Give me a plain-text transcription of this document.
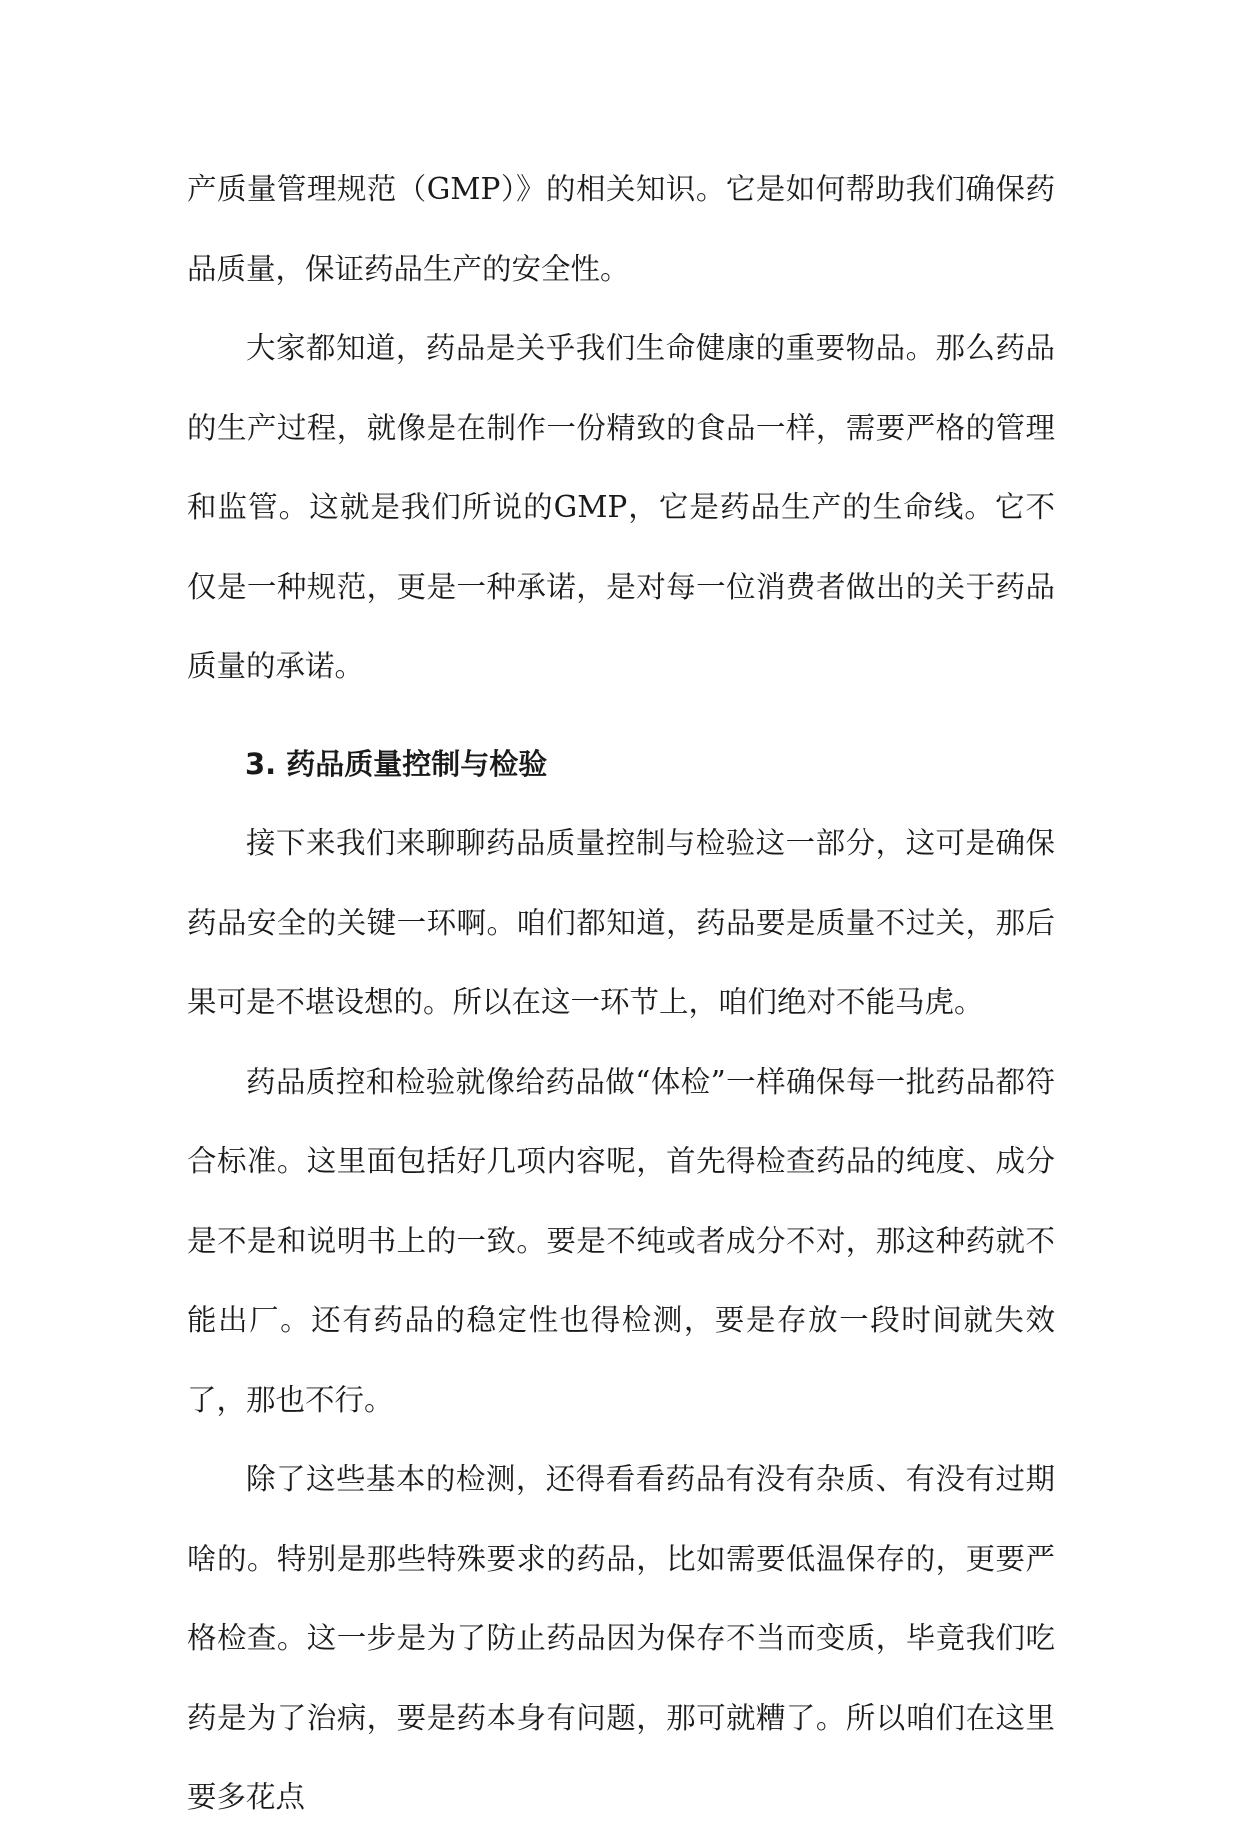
产质量管理规范（GMP）》的相关知识。它是如何帮助我们确保药品质量，保证药品生产的安全性。

大家都知道，药品是关乎我们生命健康的重要物品。那么药品的生产过程，就像是在制作一份精致的食品一样，需要严格的管理和监管。这就是我们所说的GMP，它是药品生产的生命线。它不仅是一种规范，更是一种承诺，是对每一位消费者做出的关于药品质量的承诺。

3. 药品质量控制与检验

接下来我们来聊聊药品质量控制与检验这一部分，这可是确保药品安全的关键一环啊。咱们都知道，药品要是质量不过关，那后果可是不堪设想的。所以在这一环节上，咱们绝对不能马虎。

药品质控和检验就像给药品做“体检”一样确保每一批药品都符合标准。这里面包括好几项内容呢，首先得检查药品的纯度、成分是不是和说明书上的一致。要是不纯或者成分不对，那这种药就不能出厂。还有药品的稳定性也得检测，要是存放一段时间就失效了，那也不行。

除了这些基本的检测，还得看看药品有没有杂质、有没有过期啥的。特别是那些特殊要求的药品，比如需要低温保存的，更要严格检查。这一步是为了防止药品因为保存不当而变质，毕竟我们吃药是为了治病，要是药本身有问题，那可就糟了。所以咱们在这里要多花点
